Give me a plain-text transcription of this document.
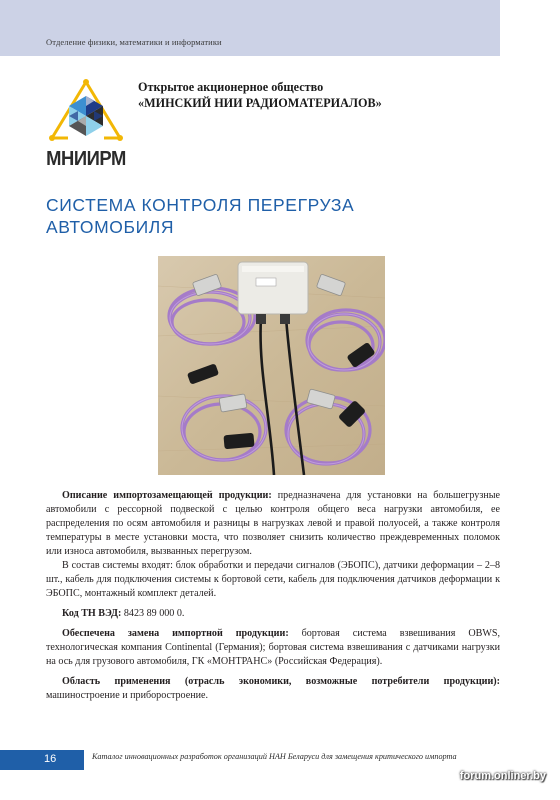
Отделение физики, математики и информатики
МНИИРМ
Открытое акционерное общество
«МИНСКИЙ НИИ РАДИОМАТЕРИАЛОВ»
СИСТЕМА КОНТРОЛЯ ПЕРЕГРУЗА
АВТОМОБИЛЯ

Описание импортозамещающей продукции: предназначена для установки на большегрузные автомобили с рессорной подвеской с целью контроля общего веса нагрузки автомобиля, ее распределения по осям автомобиля и разницы в нагрузках левой и правой полуосей, а также контроля температуры в месте установки моста, что позволяет снизить количество преждевременных поломок или износа автомобиля, вызванных перегрузом.

В состав системы входят: блок обработки и передачи сигналов (ЭБОПС), датчики деформации – 2–8 шт., кабель для подключения системы к бортовой сети, кабель для подключения датчиков деформации к ЭБОПС, монтажный комплект деталей.

Код ТН ВЭД: 8423 89 000 0.

Обеспечена замена импортной продукции: бортовая система взвешивания OBWS, технологическая компания Continental (Германия); бортовая система взвешивания с датчиками нагрузки на ось для грузового автомобиля, ГК «МОНТРАНС» (Российская Федерация).

Область применения (отрасль экономики, возможные потребители продукции): машиностроение и приборостроение.

16	Каталог инновационных разработок организаций НАН Беларуси для замещения критического импорта
forum.onliner.by
